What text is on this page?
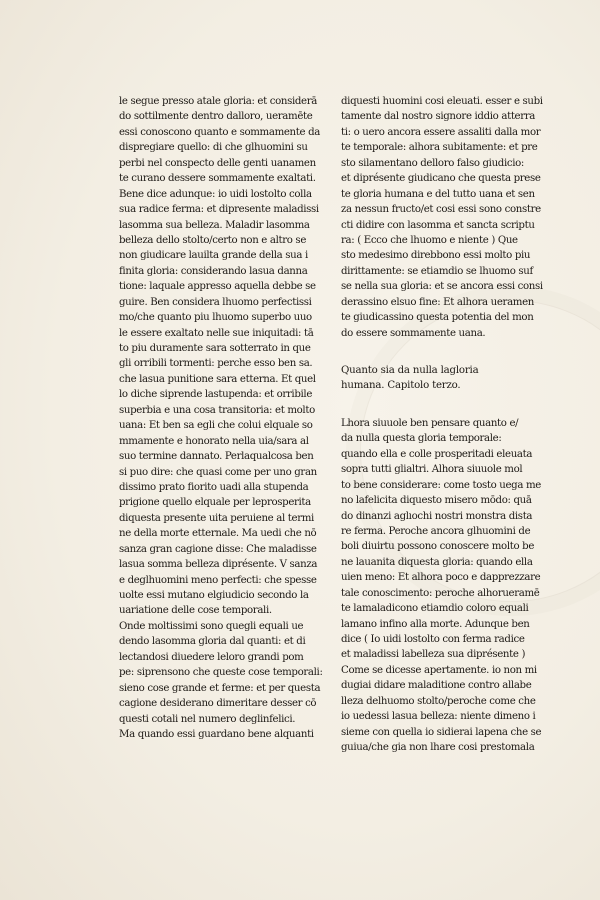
le segue presso atale gloria: et considerā
do sottilmente dentro dalloro, ueramēte
essi conoscono quanto e sommamente da
dispregiare quello: di che glhuomini su
perbi nel conspecto delle genti uanamen
te curano dessere sommamente exaltati.
Bene dice adunque: io uidi lostolto colla
sua radice ferma: et dipresente maladissi
lasomma sua belleza. Maladir lasomma
belleza dello stolto/certo non e altro se
non giudicare lauilta grande della sua i
finita gloria: considerando lasua danna
tione: laquale appresso aquella debbe se
guire. Ben considera lhuomo perfectissi
mo/che quanto piu lhuomo superbo uuo
le essere exaltato nelle sue iniquitadi: tā
to piu duramente sara sotterrato in que
gli orribili tormenti: perche esso ben sa.
che lasua punitione sara etterna. Et quel
lo diche siprende lastupenda: et orribile
superbia e una cosa transitoria: et molto
uana: Et ben sa egli che colui elquale so
mmamente e honorato nella uia/sara al
suo termine dannato. Perlaqualcosa ben
si puo dire: che quasi come per uno gran
dissimo prato fiorito uadi alla stupenda
prigione quello elquale per leprosperita
diquesta presente uita peruiene al termi
ne della morte etternale. Ma uedi che nō
sanza gran cagione disse: Che maladisse
lasua somma belleza diprésente. V sanza
e deglhuomini meno perfecti: che spesse
uolte essi mutano elgiudicio secondo la
uariatione delle cose temporali.
Onde moltissimi sono quegli equali ue
dendo lasomma gloria dal quanti: et di
lectandosi diuedere leloro grandi pom
pe: siprensono che queste cose temporali:
sieno cose grande et ferme: et per questa
cagione desiderano dimeritare desser cō
questi cotali nel numero deglinfelici.
Ma quando essi guardano bene alquanti
diquesti huomini cosi eleuati. esser e subi
tamente dal nostro signore iddio atterra
ti: o uero ancora essere assaliti dalla mor
te temporale: alhora subitamente: et pre
sto silamentano delloro falso giudicio:
et diprésente giudicano che questa prese
te gloria humana e del tutto uana et sen
za nessun fructo/et cosi essi sono constre
cti didire con lasomma et sancta scriptu
ra: ( Ecco che lhuomo e niente ) Que
sto medesimo direbbono essi molto piu
dirittamente: se etiamdio se lhuomo suf
se nella sua gloria: et se ancora essi consi
derassino elsuo fine: Et alhora ueramen
te giudicassino questa potentia del mon
do essere sommamente uana.
Quanto sia da nulla lagloria
humana. Capitolo terzo.
Lhora siuuole ben pensare quanto e/
da nulla questa gloria temporale:
quando ella e colle prosperitadi eleuata
sopra tutti glialtri. Alhora siuuole mol
to bene considerare: come tosto uega me
no lafelicita diquesto misero mōdo: quā
do dinanzi aglıochi nostri monstra dista
re ferma. Peroche ancora glhuomini de
boli diuirtu possono conoscere molto be
ne lauanita diquesta gloria: quando ella
uien meno: Et alhora poco e dapprezzare
tale conoscimento: peroche alhorueramē
te lamaladicono etiamdio coloro equali
lamano infino alla morte. Adunque ben
dice ( Io uidi lostolto con ferma radice
et maladissi labelleza sua diprésente )
Come se dicesse apertamente. io non mi
dugiai didare maladitione contro allabe
lleza delhuomo stolto/peroche come che
io uedessi lasua belleza: niente dimeno i
sieme con quella io sidierai lapena che se
guiua/che gia non lhare cosi prestomala
